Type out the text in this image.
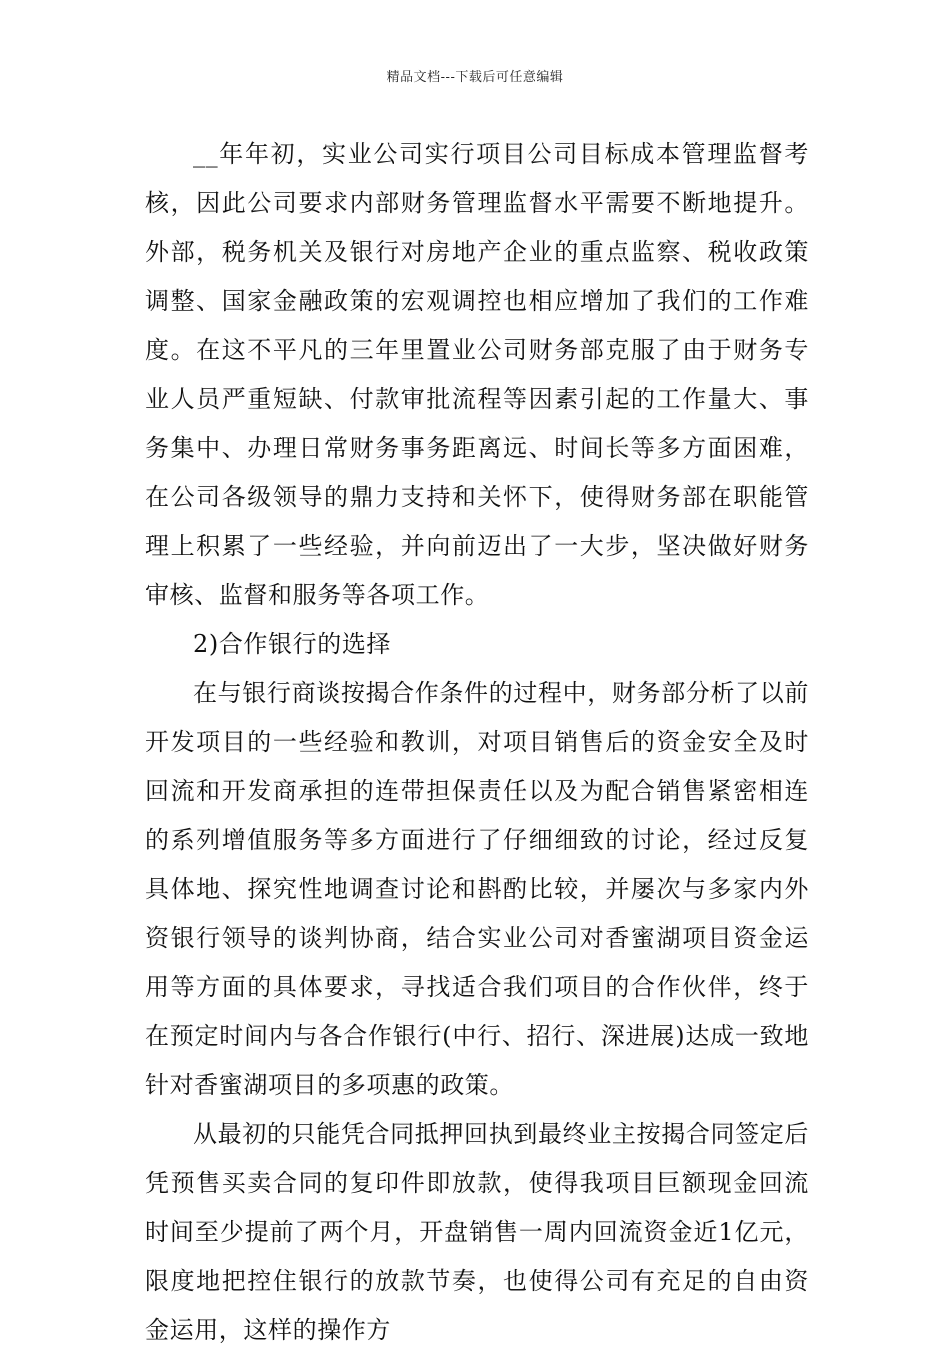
精品文档---下载后可任意编辑

__年年初，实业公司实行项目公司目标成本管理监督考核，因此公司要求内部财务管理监督水平需要不断地提升。外部，税务机关及银行对房地产企业的重点监察、税收政策调整、国家金融政策的宏观调控也相应增加了我们的工作难度。在这不平凡的三年里置业公司财务部克服了由于财务专业人员严重短缺、付款审批流程等因素引起的工作量大、事务集中、办理日常财务事务距离远、时间长等多方面困难，在公司各级领导的鼎力支持和关怀下，使得财务部在职能管理上积累了一些经验，并向前迈出了一大步，坚决做好财务审核、监督和服务等各项工作。

2)合作银行的选择

在与银行商谈按揭合作条件的过程中，财务部分析了以前开发项目的一些经验和教训，对项目销售后的资金安全及时回流和开发商承担的连带担保责任以及为配合销售紧密相连的系列增值服务等多方面进行了仔细细致的讨论，经过反复具体地、探究性地调查讨论和斟酌比较，并屡次与多家内外资银行领导的谈判协商，结合实业公司对香蜜湖项目资金运用等方面的具体要求，寻找适合我们项目的合作伙伴，终于在预定时间内与各合作银行(中行、招行、深进展)达成一致地针对香蜜湖项目的多项惠的政策。

从最初的只能凭合同抵押回执到最终业主按揭合同签定后凭预售买卖合同的复印件即放款，使得我项目巨额现金回流时间至少提前了两个月，开盘销售一周内回流资金近1亿元，限度地把控住银行的放款节奏，也使得公司有充足的自由资金运用，这样的操作方
